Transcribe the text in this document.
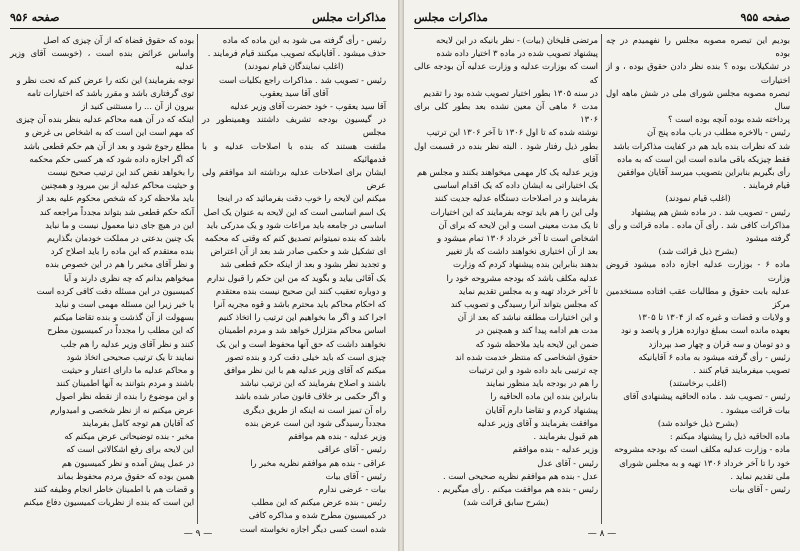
مذاکرات مجلس
صفحه ۹۵۶

رئیس - رأی گرفته می شود به این ماده که ماده

حذف میشود . آقایانیکه تصویب میکنند قیام فرمایند .

(اغلب نمایندگان قیام نمودند)

رئیس - تصویب شد . مذاکرات راجع بکلیات است

آقای آقا سید یعقوب

آقا سید یعقوب - خود حضرت آقای وزیر عدلیه

در گیسیون بودجه تشریف داشتند وهمینطور در مجلس

ملتفت هستند که بنده با اصلاحات عدلیه و با قدمهائیکه

ایشان برای اصلاحات عدلیه برداشته اند موافقم ولی عرض

میکنم این لایحه را خوب دقت بفرمائید که در اینجا

یک اسم اساسی است که این لایحه به عنوان یک اصل

اساسی در جامعه باید مراعات شود و یک مدرکی باید

باشد که بنده نمیتوانم تصدیق کنم که وقتی که محکمه

ای تشکیل شد و حکمی صادر شد بعد از آن اعتراض

و تجدید نظر بشود و بعد از اینکه حکم قطعی شد

یک آقائی بیاید و بگوید که من این حکم را قبول ندارم

و دوباره تعقیب کنند این صحیح نیست بنده معتقدم

که احکام محاکم باید محترم باشد و قوه مجریه آنرا

اجرا کند و اگر ما بخواهیم این ترتیب را اتخاذ کنیم

اساس محاکم متزلزل خواهد شد و مردم اطمینان

نخواهند داشت که حق آنها محفوظ است و این یک

چیزی است که باید خیلی دقت کرد و بنده تصور

میکنم که آقای وزیر عدلیه هم با این نظر موافق

باشند و اصلاح بفرمایند که این ترتیب نباشد

و اگر حکمی بر خلاف قانون صادر شده باشد

راه آن تمیز است نه اینکه از طریق دیگری

مجدداً رسیدگی شود این است عرض بنده

وزیر عدلیه - بنده هم موافقم

رئیس - آقای عراقی

عراقی - بنده هم موافقم نظریه مخبر را

رئیس - آقای بیات

بیات - عرضی ندارم

رئیس - بنده عرض میکنم که این مطلب

در کمیسیون مطرح شده و مذاکره کافی

شده است کسی دیگر اجازه نخواسته است

بوده که حقوق قضاة که از آن چیزی که اصل

واساس عرائض بنده است ، (خوبست آقای وزیر عدلیه

توجه بفرمایند) این نکته را عرض کنم که تحت نظر و

توی گرفتاری باشد و مقرر باشد که اختیارات تامه

بیرون از آن ... را مستثنی کنید از

اینکه که در آن همه محاکم عدلیه بنظر بنده آن چیزی

که مهم است این است که به اشخاص بی غرض و

مطلع رجوع شود و بعد از آن هم حکم قطعی باشد

که اگر اجازه داده شود که هر کسی حکم محکمه

را بخواهد نقض کند این ترتیب صحیح نیست

و حیثیت محاکم عدلیه از بین میرود و همچنین

باید ملاحظه کرد که شخص محکوم علیه بعد از

آنکه حکم قطعی شد بتواند مجدداً مراجعه کند

این در هیچ جای دنیا معمول نیست و ما نباید

یک چنین بدعتی در مملکت خودمان بگذاریم

بنده معتقدم که این ماده را باید اصلاح کرد

و نظر آقای مخبر را هم در این خصوص بنده

میخواهم بدانم که چه نظری دارند و آیا

کمیسیون در این مسئله دقت کافی کرده است

یا خیر زیرا این مسئله مهمی است و نباید

بسهولت از آن گذشت و بنده تقاضا میکنم

که این مطلب را مجدداً در کمیسیون مطرح

کنند و نظر آقای وزیر عدلیه را هم جلب

نمایند تا یک ترتیب صحیحی اتخاذ شود

و محاکم عدلیه ما دارای اعتبار و حیثیت

باشند و مردم بتوانند به آنها اطمینان کنند

و این موضوع را بنده از نقطه نظر اصول

عرض میکنم نه از نظر شخصی و امیدوارم

که آقایان هم توجه کامل بفرمایند

مخبر - بنده توضیحاتی عرض میکنم که

این لایحه برای رفع اشکالاتی است که

در عمل پیش آمده و نظر کمیسیون هم

همین بوده که حقوق مردم محفوظ بماند

و قضات هم با اطمینان خاطر انجام وظیفه کنند

این است که بنده از نظریات کمیسیون دفاع میکنم

— ۹ —
صفحه ۹۵۵
مذاکرات مجلس

بودیم این تبصره مصوبه مجلس را نفهمیدم در چه بوده

در تشکیلات بوده ؟ بنده نظر دادن حقوق بوده ، و از اختیارات

تبصره مصوبه مجلس شورای ملی در شش ماهه اول سال

پرداخته شده بوده آنچه بوده است ؟

رئیس - بالاخره مطلب در باب ماده پنج آن

شد که نظرات بنده باید هم در کفایت مذاکرات باشد

فقط چیزیکه باقی مانده است این است که به ماده

رأی بگیریم بنابراین بتصویب میرسد آقایان موافقین

قیام فرمایند .

(اغلب قیام نمودند)

رئیس - تصویب شد . در ماده شش هم پیشنهاد

مذاکرات کافی شد . رأی آن ماده . ماده قرائت و رأی

گرفته میشود

(بشرح ذیل قرائت شد)

ماده ۶ - بوزارت عدلیه اجازه داده میشود قروض وزارت

عدلیه بابت حقوق و مطالبات عقب افتاده مستخدمین مرکز

و ولایات و قضات و غیره که از ۱۳۰۴ تا ۱۳۰۵

بعهده مانده است بمبلغ دوازده هزار و پانصد و نود

و دو تومان و سه قران و چهار صد بپردازد

رئیس - رأی گرفته میشود به ماده ۶ آقایانیکه

تصویب میفرمایند قیام کنند .

(اغلب برخاستند)

رئیس - تصویب شد . ماده الحاقیه پیشنهادی آقای

بیات قرائت میشود .

(بشرح ذیل خوانده شد)

ماده الحاقیه ذیل را پیشنهاد میکنم :

ماده - وزارت عدلیه مکلف است که بودجه مشروحه

خود را تا آخر خرداد ۱۳۰۶ تهیه و به مجلس شورای

ملی تقدیم نماید .

رئیس - آقای بیات

مرتضی قلیخان (بیات) - نظر بانیکه در این لایحه

پیشنهاد تصویب شده در ماده ۳ اختیار داده شده

است که بوزارت عدلیه و وزارت عدلیه آن بودجه عالی که

در سنه ۱۳۰۵ بطور اختیار تصویب شده بود را تقدیم

مدت ۶ ماهی آن معین نشده بعد بطور کلی برای ۱۳۰۶

نوشته شده که تا اول ۱۳۰۶ تا آخر ۱۳۰۶ این ترتیب

بطور ذیل رفتار شود . البته نظر بنده در قسمت اول آقای

وزیر عدلیه یک کار مهمی میخواهند بکنند و مجلس هم

یک اختیاراتی به ایشان داده که یک اقدام اساسی

بفرمایند و در اصلاحات دستگاه عدلیه جدیت کنند

ولی این را هم باید توجه بفرمایند که این اختیارات

تا یک مدت معینی است و این لایحه که برای آن

اشخاص است تا آخر خرداد ۱۳۰۶ تمام میشود و

بعد از آن اختیاری نخواهند داشت که باز تغییر

بدهند بنابراین بنده پیشنهاد کردم که وزارت

عدلیه مکلف باشد که بودجه مشروحه خود را

تا آخر خرداد تهیه و به مجلس تقدیم نماید

که مجلس بتواند آنرا رسیدگی و تصویب کند

و این اختیارات مطلقه نباشد که بعد از آن

مدت هم ادامه پیدا کند و همچنین در

ضمن این لایحه باید ملاحظه شود که

حقوق اشخاصی که منتظر خدمت شده اند

چه ترتیبی باید داده شود و این ترتیبات

را هم در بودجه باید منظور نمایند

بنابراین بنده این ماده الحاقیه را

پیشنهاد کردم و تقاضا دارم آقایان

موافقت بفرمایند و آقای وزیر عدلیه

هم قبول بفرمایند .

وزیر عدلیه - بنده موافقم

رئیس - آقای عدل

عدل - بنده هم موافقم نظریه صحیحی است .

رئیس - بنده هم موافقت میکنم . رأی میگیریم .

(بشرح سابق قرائت شد)

— ۸ —
